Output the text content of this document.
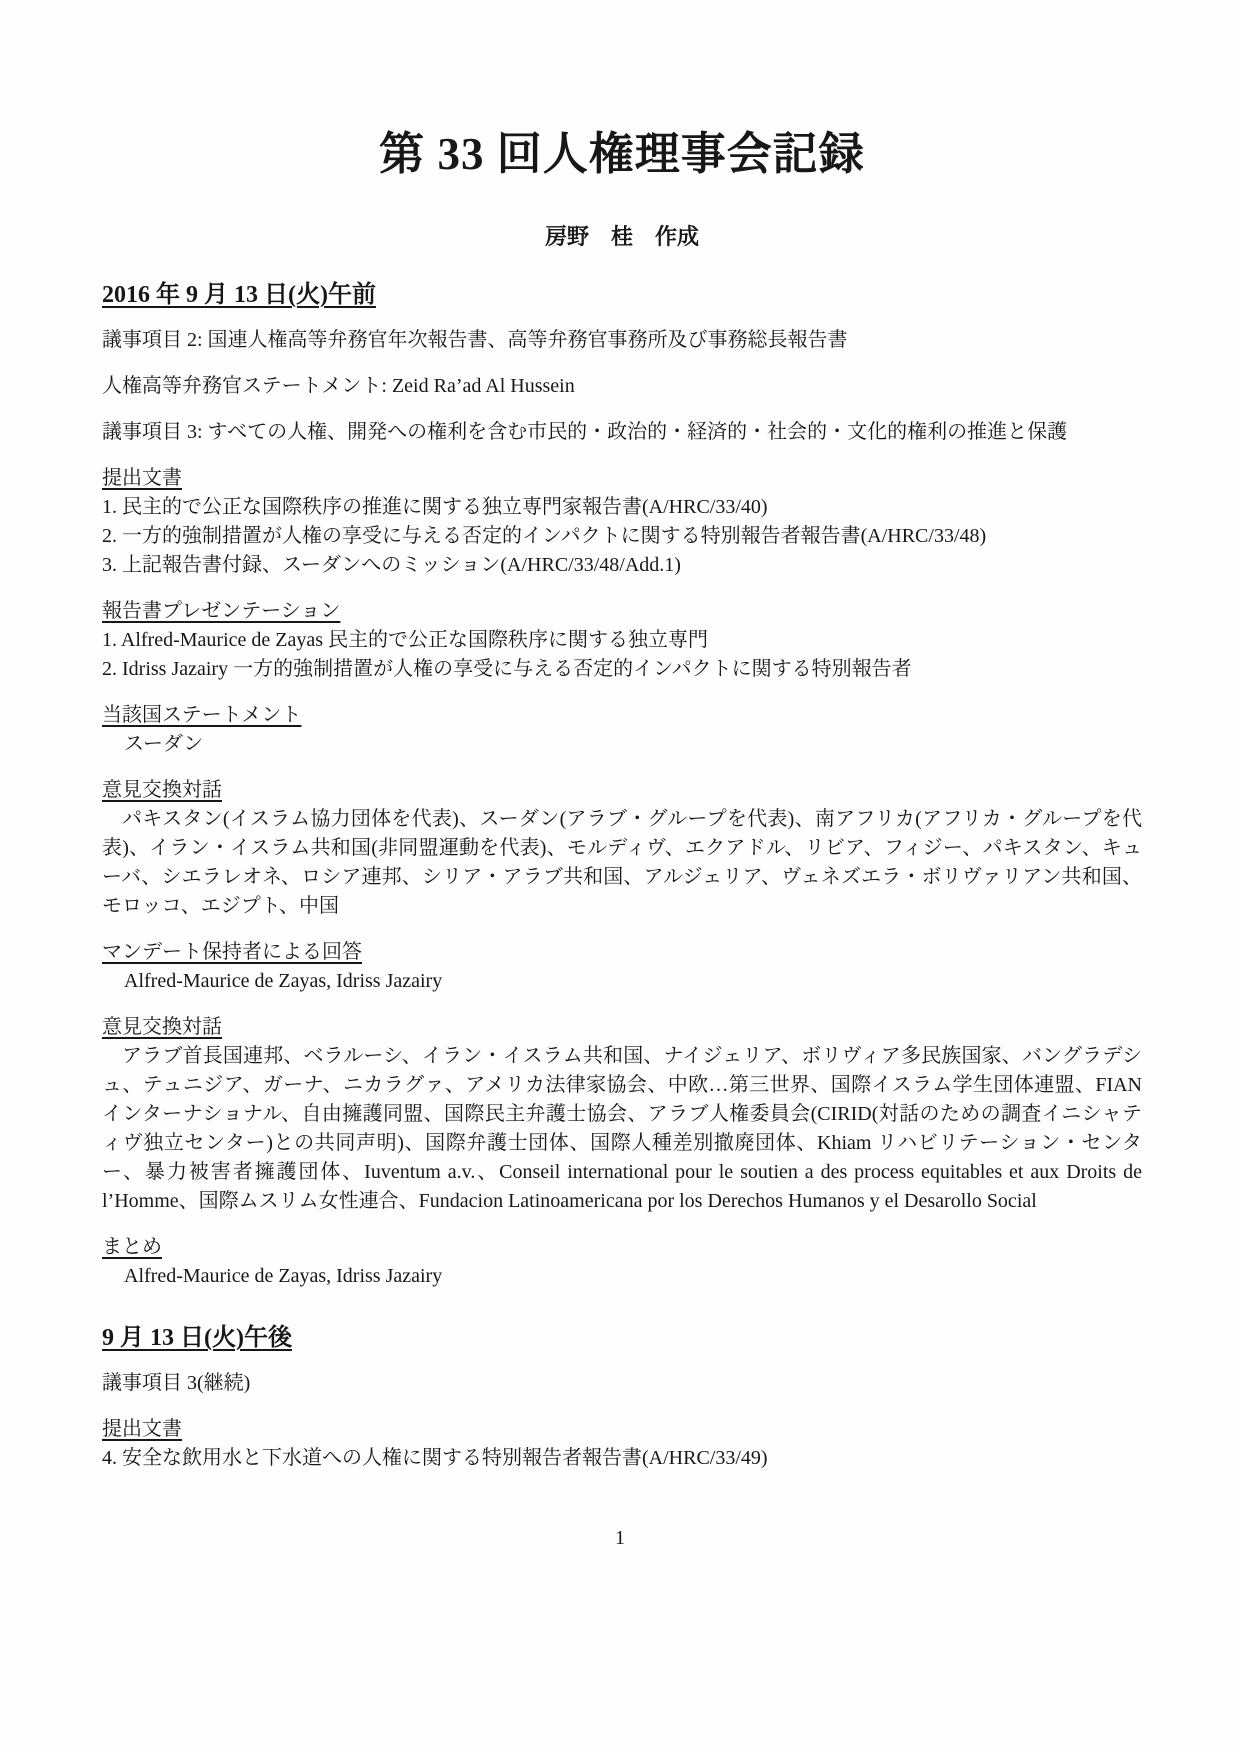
第 33 回人権理事会記録
房野　桂　作成
2016 年 9 月 13 日(火)午前

議事項目 2: 国連人権高等弁務官年次報告書、高等弁務官事務所及び事務総長報告書

人権高等弁務官ステートメント: Zeid Ra’ad Al Hussein

議事項目 3: すべての人権、開発への権利を含む市民的・政治的・経済的・社会的・文化的権利の推進と保護

提出文書
1. 民主的で公正な国際秩序の推進に関する独立専門家報告書(A/HRC/33/40)
2. 一方的強制措置が人権の享受に与える否定的インパクトに関する特別報告者報告書(A/HRC/33/48)
3. 上記報告書付録、スーダンへのミッション(A/HRC/33/48/Add.1)
報告書プレゼンテーション
1. Alfred-Maurice de Zayas 民主的で公正な国際秩序に関する独立専門
2. Idriss Jazairy 一方的強制措置が人権の享受に与える否定的インパクトに関する特別報告者
当該国ステートメント
スーダン
意見交換対話
パキスタン(イスラム協力団体を代表)、スーダン(アラブ・グループを代表)、南アフリカ(アフリカ・グループを代表)、イラン・イスラム共和国(非同盟運動を代表)、モルディヴ、エクアドル、リビア、フィジー、パキスタン、キューバ、シエラレオネ、ロシア連邦、シリア・アラブ共和国、アルジェリア、ヴェネズエラ・ボリヴァリアン共和国、モロッコ、エジプト、中国
マンデート保持者による回答
Alfred-Maurice de Zayas, Idriss Jazairy
意見交換対話
アラブ首長国連邦、ベラルーシ、イラン・イスラム共和国、ナイジェリア、ボリヴィア多民族国家、バングラデシュ、テュニジア、ガーナ、ニカラグァ、アメリカ法律家協会、中欧…第三世界、国際イスラム学生団体連盟、FIAN インターナショナル、自由擁護同盟、国際民主弁護士協会、アラブ人権委員会(CIRID(対話のための調査イニシャティヴ独立センター)との共同声明)、国際弁護士団体、国際人種差別撤廃団体、Khiam リハビリテーション・センター、暴力被害者擁護団体、Iuventum a.v.、Conseil international pour le soutien a des process equitables et aux Droits de l’Homme、国際ムスリム女性連合、Fundacion Latinoamericana por los Derechos Humanos y el Desarollo Social
まとめ
Alfred-Maurice de Zayas, Idriss Jazairy
9 月 13 日(火)午後

議事項目 3(継続)

提出文書
4. 安全な飲用水と下水道への人権に関する特別報告者報告書(A/HRC/33/49)
1
